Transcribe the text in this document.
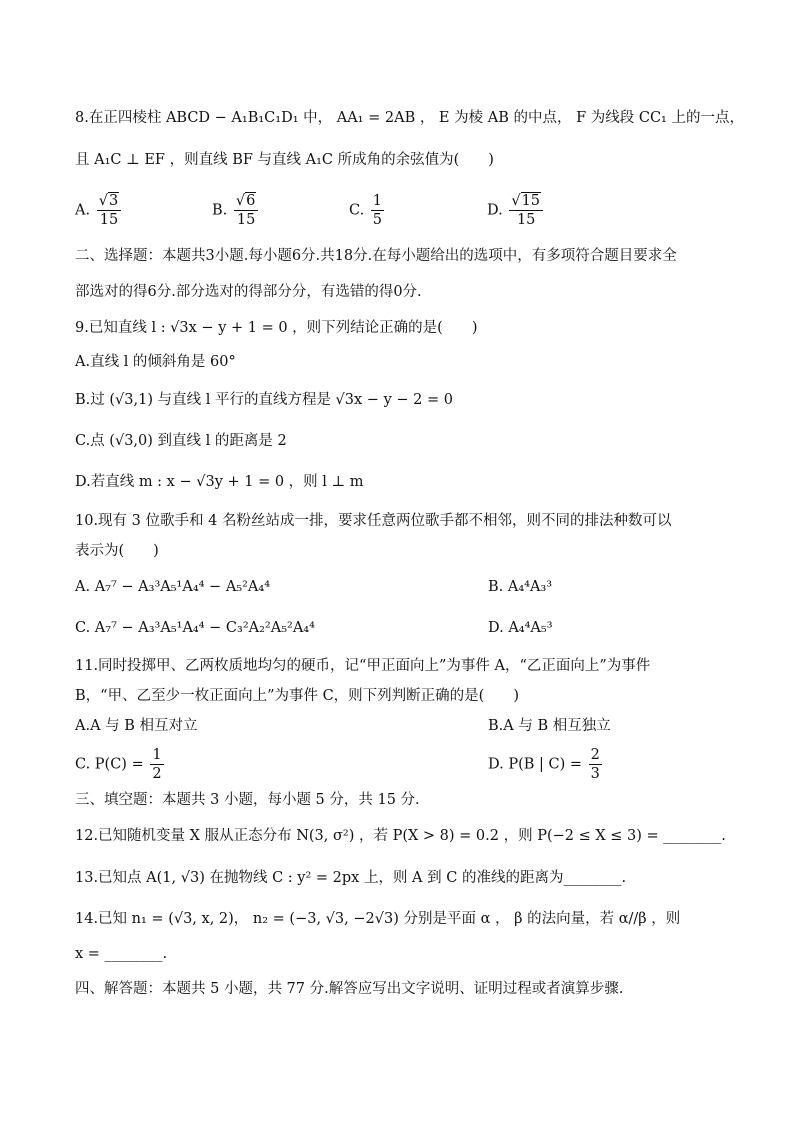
8.在正四棱柱 ABCD − A₁B₁C₁D₁ 中， AA₁ = 2AB ， E 为棱 AB 的中点， F 为线段 CC₁ 上的一点，
且 A₁C ⊥ EF ，则直线 BF 与直线 A₁C 所成角的余弦值为(　　)
A. $\frac{√3}{15}$	B. $\frac{√6}{15}$	C. $\frac{1}{5}$	D. $\frac{√15}{15}$
二、选择题：本题共3小题.每小题6分.共18分.在每小题给出的选项中，有多项符合题目要求全
部选对的得6分.部分选对的得部分分，有选错的得0分.
9.已知直线 l : √3x − y + 1 = 0 ，则下列结论正确的是(　　)
A.直线 l 的倾斜角是 60°
B.过 (√3,1) 与直线 l 平行的直线方程是 √3x − y − 2 = 0
C.点 (√3,0) 到直线 l 的距离是 2
D.若直线 m : x − √3y + 1 = 0 ，则 l ⊥ m
10.现有 3 位歌手和 4 名粉丝站成一排，要求任意两位歌手都不相邻，则不同的排法种数可以
表示为(　　)
A. A₇⁷ − A₃³A₅¹A₄⁴ − A₅²A₄⁴	B. A₄⁴A₃³
C. A₇⁷ − A₃³A₅¹A₄⁴ − C₃²A₂²A₅²A₄⁴	D. A₄⁴A₅³
11.同时投掷甲、乙两枚质地均匀的硬币，记“甲正面向上”为事件 A，“乙正面向上”为事件
B，“甲、乙至少一枚正面向上”为事件 C，则下列判断正确的是(　　)
A.A 与 B 相互对立	B.A 与 B 相互独立
C. $P(C) = \frac{1}{2}$	D. P(B | $C) = \frac{2}{3}$
三、填空题：本题共 3 小题，每小题 5 分，共 15 分.
12.已知随机变量 X 服从正态分布 N(3, σ²) ，若 P(X > 8) = 0.2 ，则 P(−2 ≤ X ≤ 3) = ________.
13.已知点 A(1, √3) 在抛物线 C : y² = 2px 上，则 A 到 C 的准线的距离为________.
14.已知 n₁ = (√3, x, 2)， n₂ = (−3, √3, −2√3) 分别是平面 α ， β 的法向量，若 α//β ，则
x = ________.
四、解答题：本题共 5 小题，共 77 分.解答应写出文字说明、证明过程或者演算步骤.
